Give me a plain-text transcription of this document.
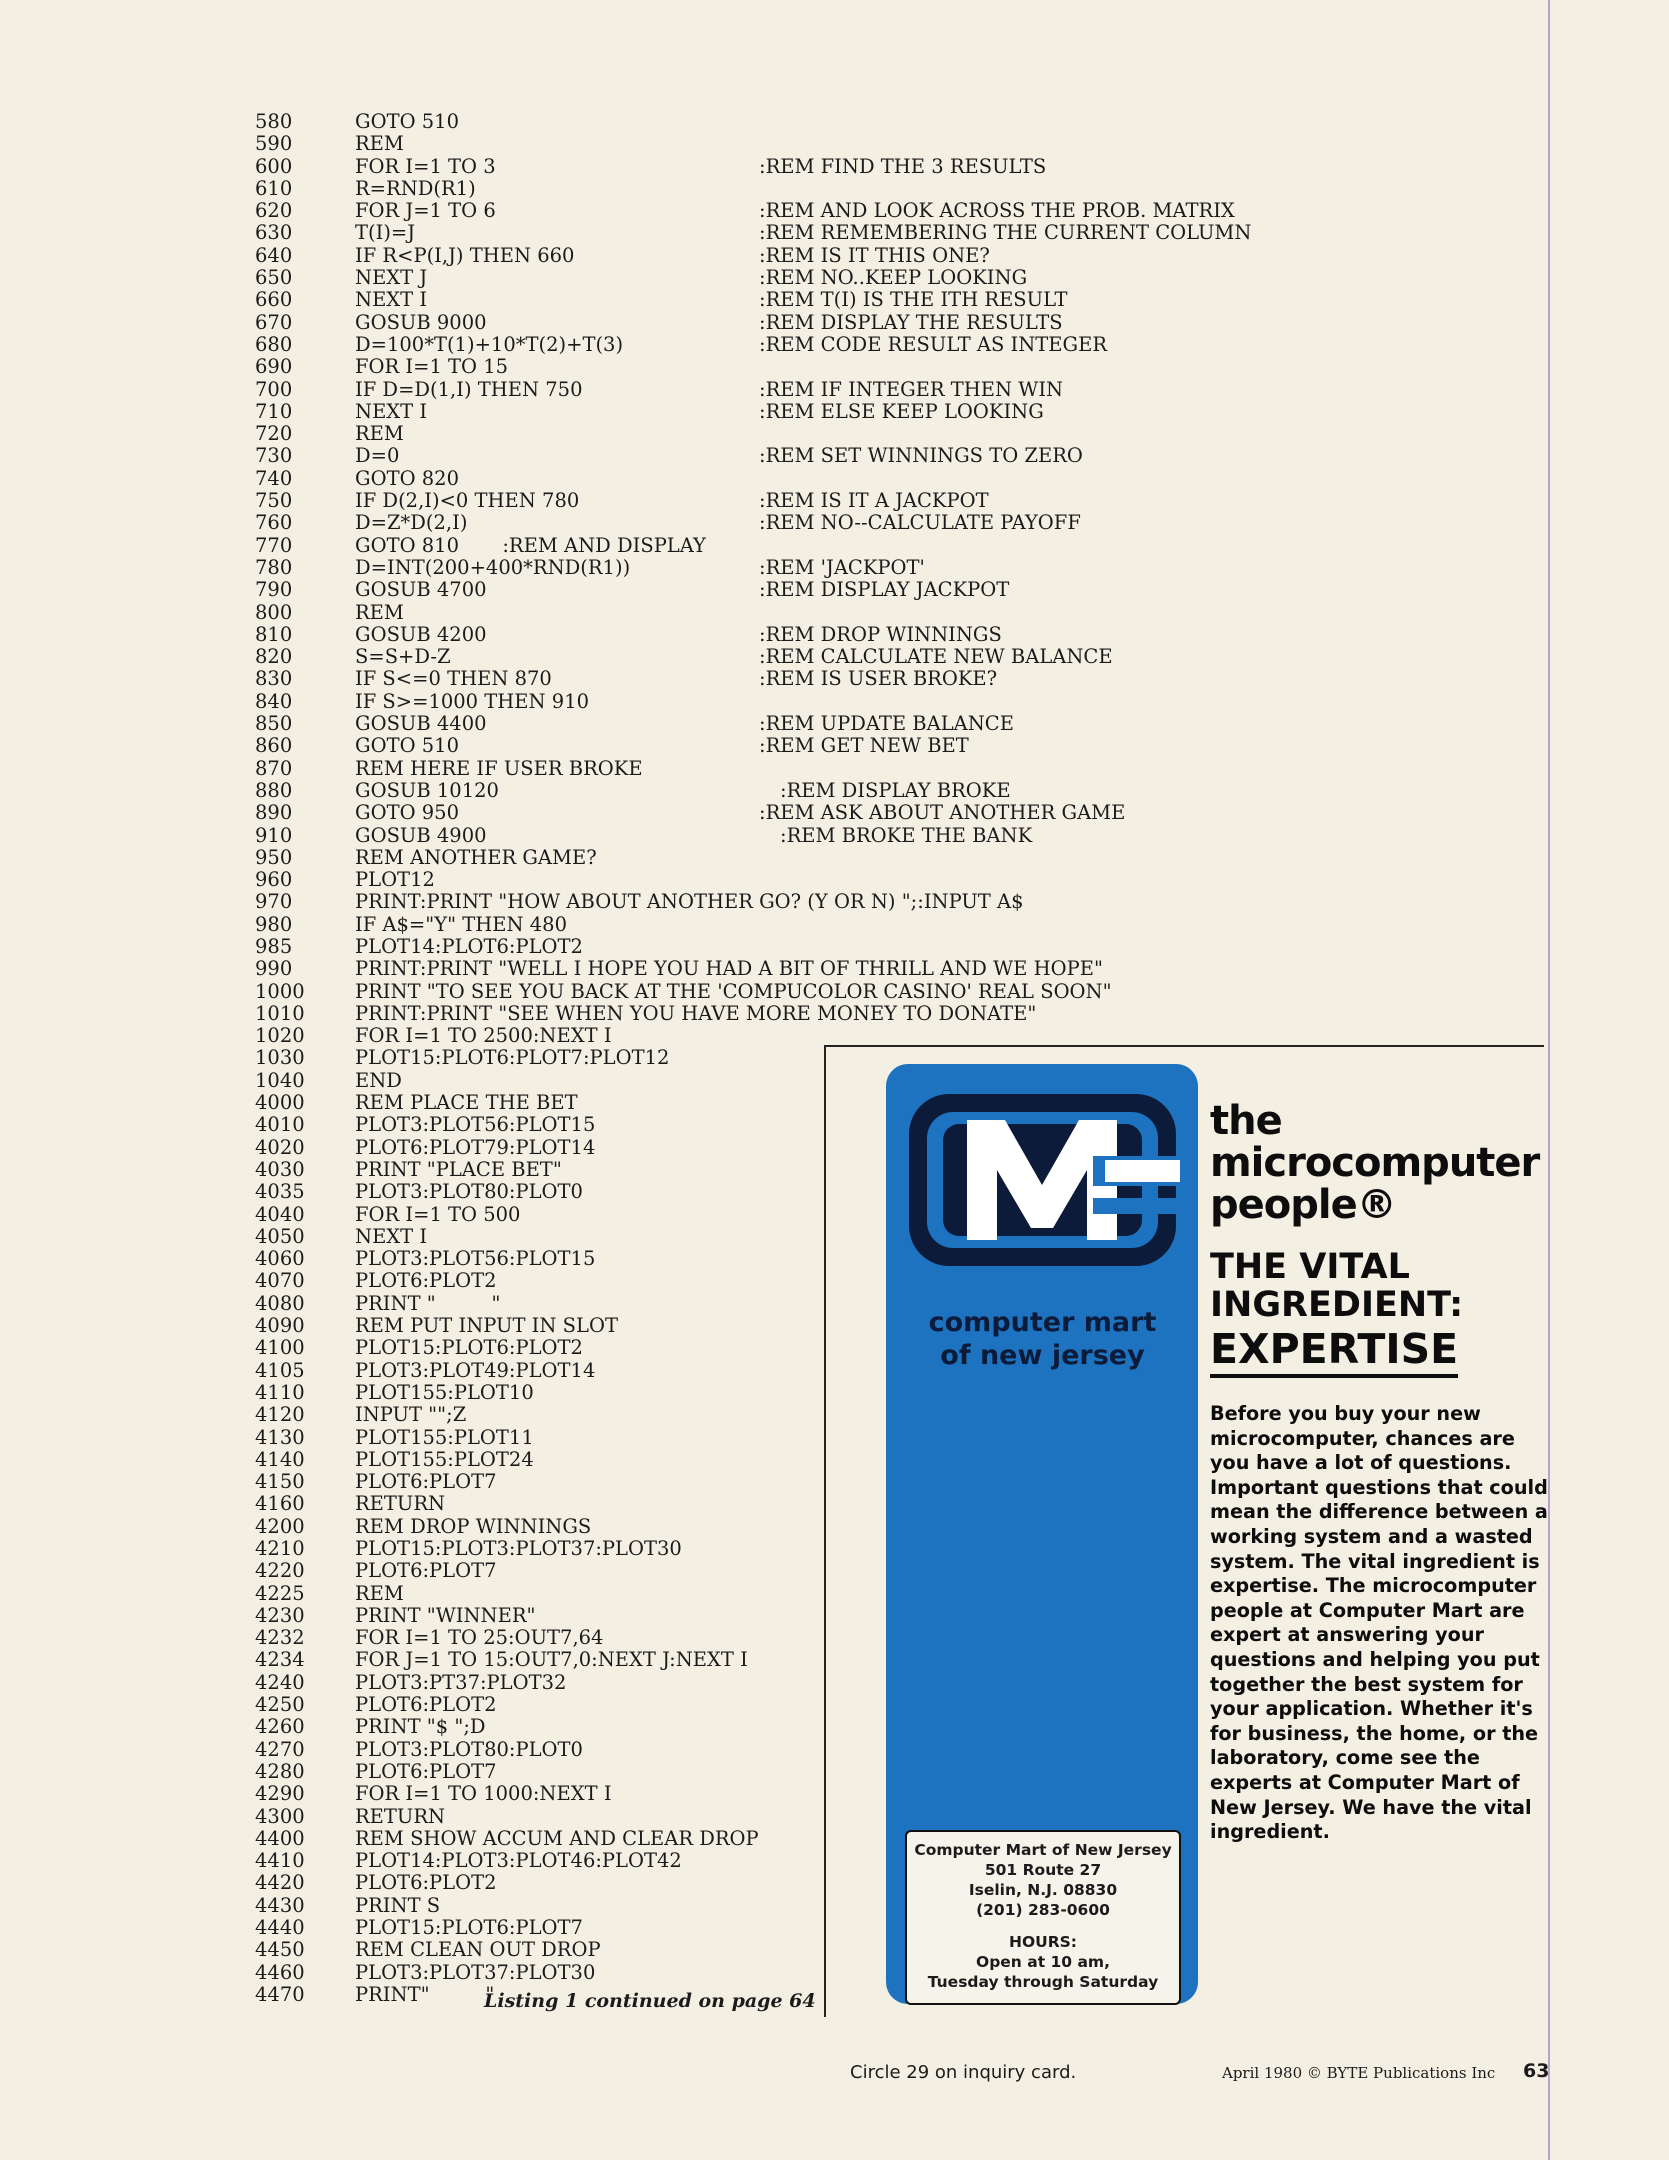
580	GOTO 510
590	REM
600	FOR I=1 TO 3	:REM FIND THE 3 RESULTS
610	R=RND(R1)
620	FOR J=1 TO 6	:REM AND LOOK ACROSS THE PROB. MATRIX
630	T(I)=J	:REM REMEMBERING THE CURRENT COLUMN
640	IF R<P(I,J) THEN 660	:REM IS IT THIS ONE?
650	NEXT J	:REM NO..KEEP LOOKING
660	NEXT I	:REM T(I) IS THE ITH RESULT
670	GOSUB 9000	:REM DISPLAY THE RESULTS
680	D=100*T(1)+10*T(2)+T(3)	:REM CODE RESULT AS INTEGER
690	FOR I=1 TO 15
700	IF D=D(1,I) THEN 750	:REM IF INTEGER THEN WIN
710	NEXT I	:REM ELSE KEEP LOOKING
720	REM
730	D=0	:REM SET WINNINGS TO ZERO
740	GOTO 820
750	IF D(2,I)<0 THEN 780	:REM IS IT A JACKPOT
760	D=Z*D(2,I)	:REM NO--CALCULATE PAYOFF
770	GOTO 810       :REM AND DISPLAY
780	D=INT(200+400*RND(R1))	:REM 'JACKPOT'
790	GOSUB 4700	:REM DISPLAY JACKPOT
800	REM
810	GOSUB 4200	:REM DROP WINNINGS
820	S=S+D-Z	:REM CALCULATE NEW BALANCE
830	IF S<=0 THEN 870	:REM IS USER BROKE?
840	IF S>=1000 THEN 910
850	GOSUB 4400	:REM UPDATE BALANCE
860	GOTO 510	:REM GET NEW BET
870	REM HERE IF USER BROKE
880	GOSUB 10120	:REM DISPLAY BROKE
890	GOTO 950	:REM ASK ABOUT ANOTHER GAME
910	GOSUB 4900	:REM BROKE THE BANK
950	REM ANOTHER GAME?
960	PLOT12
970	PRINT:PRINT "HOW ABOUT ANOTHER GO? (Y OR N) ";:INPUT A$
980	IF A$="Y" THEN 480
985	PLOT14:PLOT6:PLOT2
990	PRINT:PRINT "WELL I HOPE YOU HAD A BIT OF THRILL AND WE HOPE"
1000	PRINT "TO SEE YOU BACK AT THE 'COMPUCOLOR CASINO' REAL SOON"
1010	PRINT:PRINT "SEE WHEN YOU HAVE MORE MONEY TO DONATE"
1020	FOR I=1 TO 2500:NEXT I
1030	PLOT15:PLOT6:PLOT7:PLOT12
1040	END
4000	REM PLACE THE BET
4010	PLOT3:PLOT56:PLOT15
4020	PLOT6:PLOT79:PLOT14
4030	PRINT "PLACE BET"
4035	PLOT3:PLOT80:PLOT0
4040	FOR I=1 TO 500
4050	NEXT I
4060	PLOT3:PLOT56:PLOT15
4070	PLOT6:PLOT2
4080	PRINT "         "
4090	REM PUT INPUT IN SLOT
4100	PLOT15:PLOT6:PLOT2
4105	PLOT3:PLOT49:PLOT14
4110	PLOT155:PLOT10
4120	INPUT "";Z
4130	PLOT155:PLOT11
4140	PLOT155:PLOT24
4150	PLOT6:PLOT7
4160	RETURN
4200	REM DROP WINNINGS
4210	PLOT15:PLOT3:PLOT37:PLOT30
4220	PLOT6:PLOT7
4225	REM
4230	PRINT "WINNER"
4232	FOR I=1 TO 25:OUT7,64
4234	FOR J=1 TO 15:OUT7,0:NEXT J:NEXT I
4240	PLOT3:PT37:PLOT32
4250	PLOT6:PLOT2
4260	PRINT "$ ";D
4270	PLOT3:PLOT80:PLOT0
4280	PLOT6:PLOT7
4290	FOR I=1 TO 1000:NEXT I
4300	RETURN
4400	REM SHOW ACCUM AND CLEAR DROP
4410	PLOT14:PLOT3:PLOT46:PLOT42
4420	PLOT6:PLOT2
4430	PRINT S
4440	PLOT15:PLOT6:PLOT7
4450	REM CLEAN OUT DROP
4460	PLOT3:PLOT37:PLOT30
4470	PRINT"         "
Listing 1 continued on page 64
computer mart
of new jersey
Computer Mart of New Jersey
501 Route 27
Iselin, N.J. 08830
(201) 283-0600
HOURS:
Open at 10 am,
Tuesday through Saturday
the
microcomputer
people®
THE VITAL
INGREDIENT:
EXPERTISE
Before you buy your new microcomputer, chances are you have a lot of questions. Important questions that could mean the difference between a working system and a wasted system. The vital ingredient is expertise. The microcomputer people at Computer Mart are expert at answering your questions and helping you put together the best system for your application. Whether it's for business, the home, or the laboratory, come see the experts at Computer Mart of New Jersey. We have the vital ingredient.
Circle 29 on inquiry card.	April 1980 © BYTE Publications Inc 63
